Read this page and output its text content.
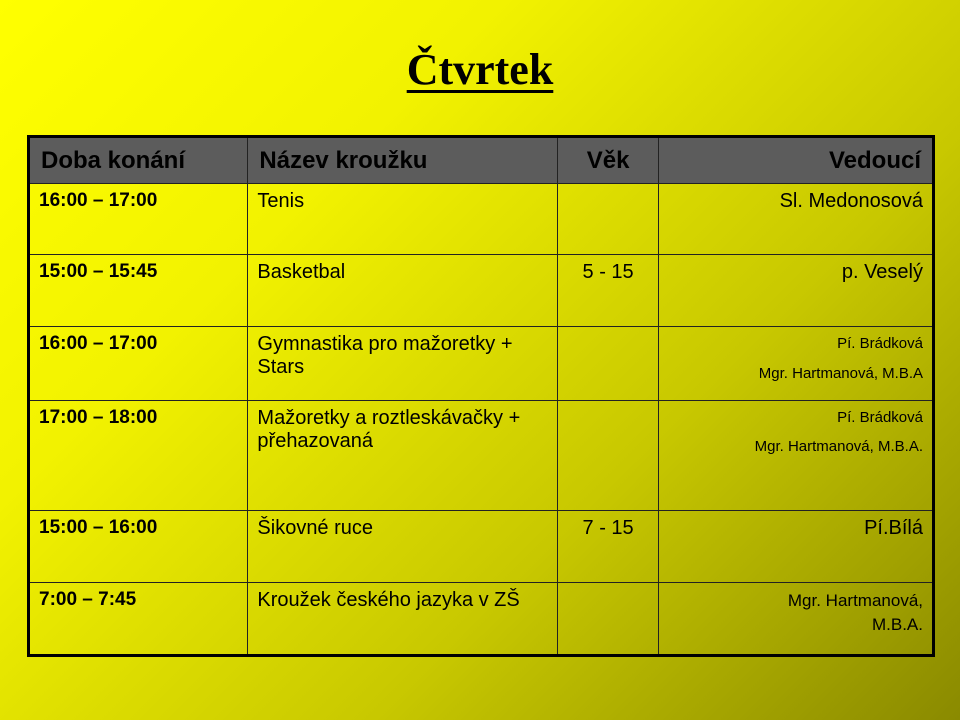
Čtvrtek
Doba konání	Název kroužku	Věk	Vedoucí
16:00 – 17:00	Tenis		Sl. Medonosová
15:00 – 15:45	Basketbal	5 - 15	p. Veselý
16:00 – 17:00	Gymnastika pro mažoretky + Stars		Pí. Brádková
Mgr. Hartmanová, M.B.A

17:00 – 18:00	Mažoretky a roztleskávačky + přehazovaná		Pí. Brádková
Mgr. Hartmanová, M.B.A.

15:00 – 16:00	Šikovné ruce	7 - 15	Pí.Bílá
7:00 – 7:45	Kroužek českého jazyka v ZŠ		Mgr. Hartmanová,
M.B.A.
